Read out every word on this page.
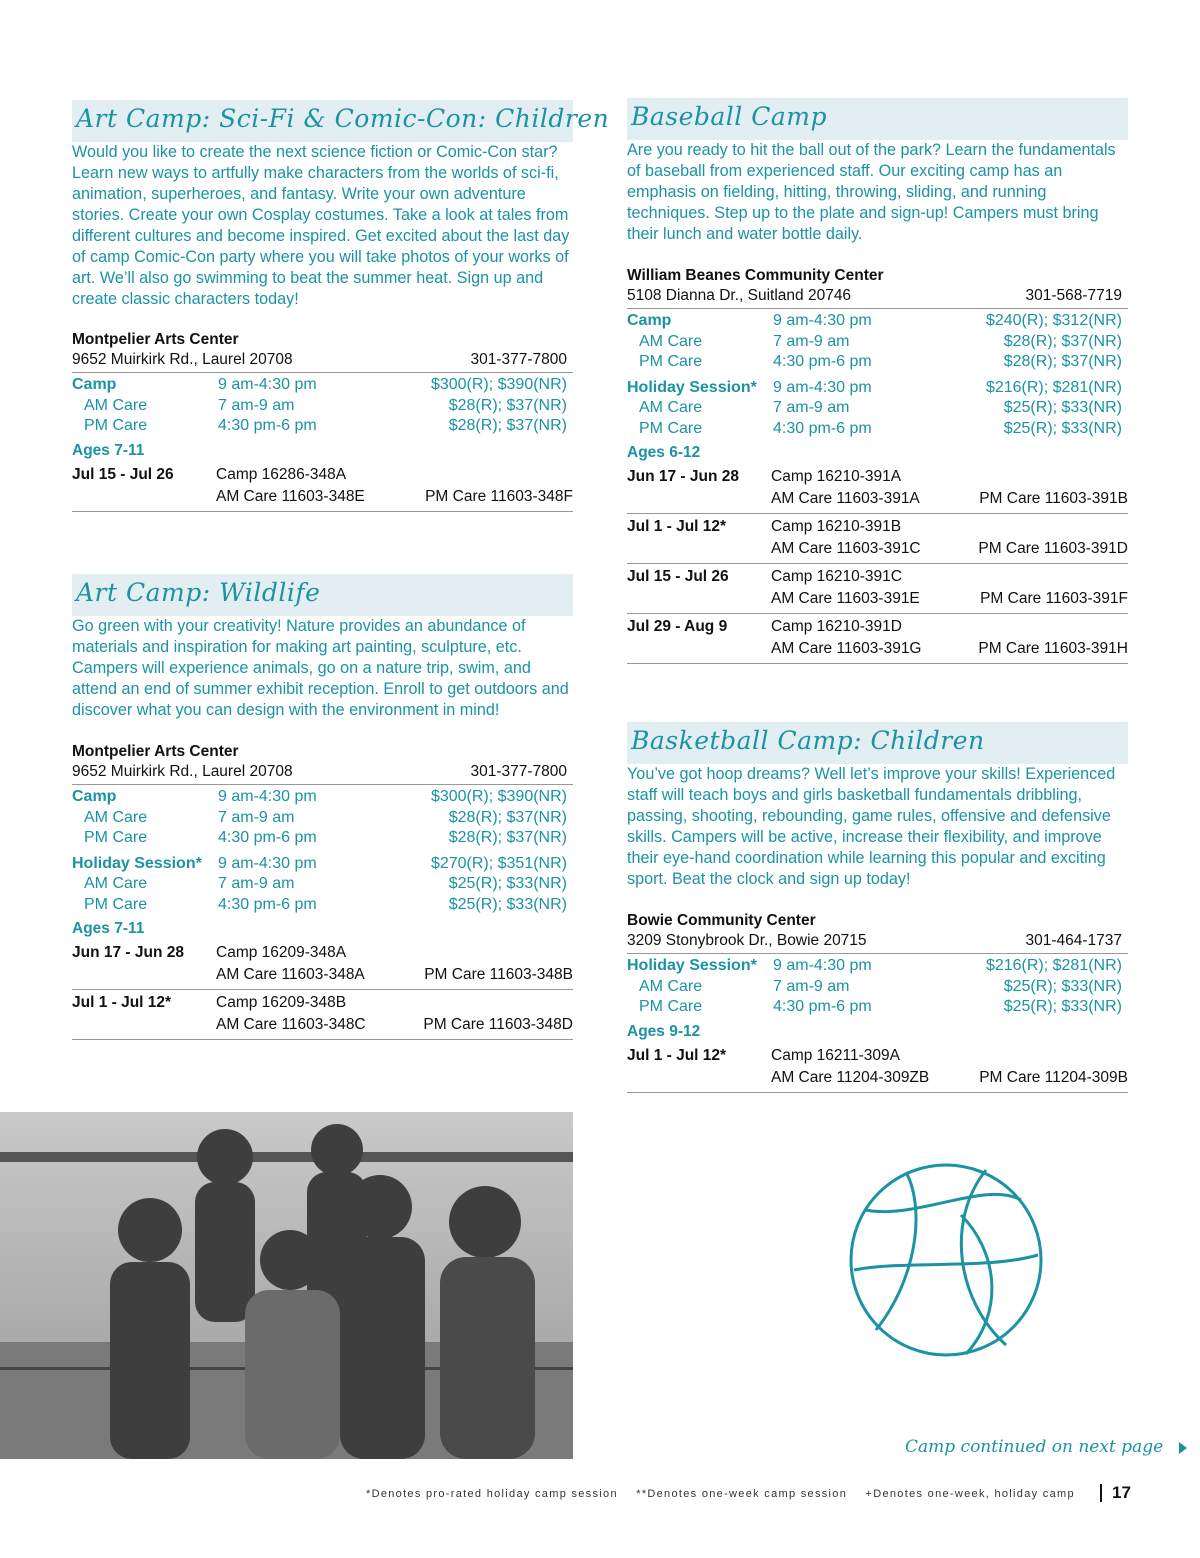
Art Camp: Sci-Fi & Comic-Con: Children
Would you like to create the next science fiction or Comic-Con star? Learn new ways to artfully make characters from the worlds of sci-fi, animation, superheroes, and fantasy. Write your own adventure stories. Create your own Cosplay costumes. Take a look at tales from different cultures and become inspired. Get excited about the last day of camp Comic-Con party where you will take photos of your works of art. We’ll also go swimming to beat the summer heat. Sign up and create classic characters today!
Montpelier Arts Center
9652 Muirkirk Rd., Laurel 20708	301-377-7800
Camp	9 am-4:30 pm	$300(R); $390(NR)
AM Care	7 am-9 am	$28(R); $37(NR)
PM Care	4:30 pm-6 pm	$28(R); $37(NR)
Ages 7-11
Jul 15 - Jul 26	Camp 16286-348A
AM Care 11603-348E	PM Care 11603-348F
Art Camp: Wildlife
Go green with your creativity! Nature provides an abundance of materials and inspiration for making art painting, sculpture, etc. Campers will experience animals, go on a nature trip, swim, and attend an end of summer exhibit reception. Enroll to get outdoors and discover what you can design with the environment in mind!
Montpelier Arts Center
9652 Muirkirk Rd., Laurel 20708	301-377-7800
Camp	9 am-4:30 pm	$300(R); $390(NR)
AM Care	7 am-9 am	$28(R); $37(NR)
PM Care	4:30 pm-6 pm	$28(R); $37(NR)
Holiday Session*	9 am-4:30 pm	$270(R); $351(NR)
AM Care	7 am-9 am	$25(R); $33(NR)
PM Care	4:30 pm-6 pm	$25(R); $33(NR)
Ages 7-11
Jun 17 - Jun 28	Camp 16209-348A
AM Care 11603-348A	PM Care 11603-348B
Jul 1 - Jul 12*	Camp 16209-348B
AM Care 11603-348C	PM Care 11603-348D
Baseball Camp
Are you ready to hit the ball out of the park? Learn the fundamentals of baseball from experienced staff. Our exciting camp has an emphasis on fielding, hitting, throwing, sliding, and running techniques. Step up to the plate and sign-up! Campers must bring their lunch and water bottle daily.
William Beanes Community Center
5108 Dianna Dr., Suitland 20746	301-568-7719
Camp	9 am-4:30 pm	$240(R); $312(NR)
AM Care	7 am-9 am	$28(R); $37(NR)
PM Care	4:30 pm-6 pm	$28(R); $37(NR)
Holiday Session*	9 am-4:30 pm	$216(R); $281(NR)
AM Care	7 am-9 am	$25(R); $33(NR)
PM Care	4:30 pm-6 pm	$25(R); $33(NR)
Ages 6-12
Jun 17 - Jun 28	Camp 16210-391A
AM Care 11603-391A	PM Care 11603-391B
Jul 1 - Jul 12*	Camp 16210-391B
AM Care 11603-391C	PM Care 11603-391D
Jul 15 - Jul 26	Camp 16210-391C
AM Care 11603-391E	PM Care 11603-391F
Jul 29 - Aug 9	Camp 16210-391D
AM Care 11603-391G	PM Care 11603-391H
Basketball Camp: Children
You’ve got hoop dreams? Well let’s improve your skills! Experienced staff will teach boys and girls basketball fundamentals dribbling, passing, shooting, rebounding, game rules, offensive and defensive skills. Campers will be active, increase their flexibility, and improve their eye-hand coordination while learning this popular and exciting sport. Beat the clock and sign up today!
Bowie Community Center
3209 Stonybrook Dr., Bowie 20715	301-464-1737
Holiday Session*	9 am-4:30 pm	$216(R); $281(NR)
AM Care	7 am-9 am	$25(R); $33(NR)
PM Care	4:30 pm-6 pm	$25(R); $33(NR)
Ages 9-12
Jul 1 - Jul 12*	Camp 16211-309A
AM Care 11204-309ZB	PM Care 11204-309B
Camp continued on next page
*Denotes pro-rated holiday camp session **Denotes one-week camp session +Denotes one-week, holiday camp	17
